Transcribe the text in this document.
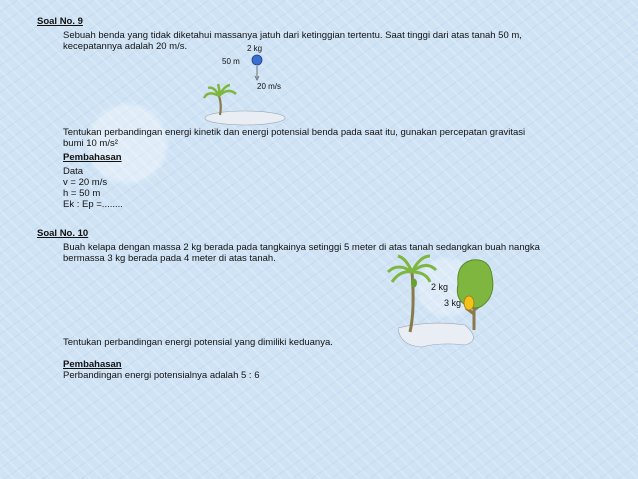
Soal No. 9
Sebuah benda yang tidak diketahui massanya jatuh dari ketinggian tertentu. Saat tinggi dari atas tanah 50 m,
kecepatannya adalah 20 m/s.	2 kg
50 m
20 m/s
Tentukan perbandingan energi kinetik dan energi potensial benda pada saat itu, gunakan percepatan gravitasi
bumi 10 m/s²
Pembahasan
Data
v = 20 m/s
h = 50 m
Ek : Ep =........
Soal No. 10
Buah kelapa dengan massa 2 kg berada pada tangkainya setinggi 5 meter di atas tanah sedangkan buah nangka
bermassa 3 kg berada pada 4 meter di atas tanah.
2 kg
3 kg
Tentukan perbandingan energi potensial yang dimiliki keduanya.
Pembahasan
Perbandingan energi potensialnya adalah 5 : 6
